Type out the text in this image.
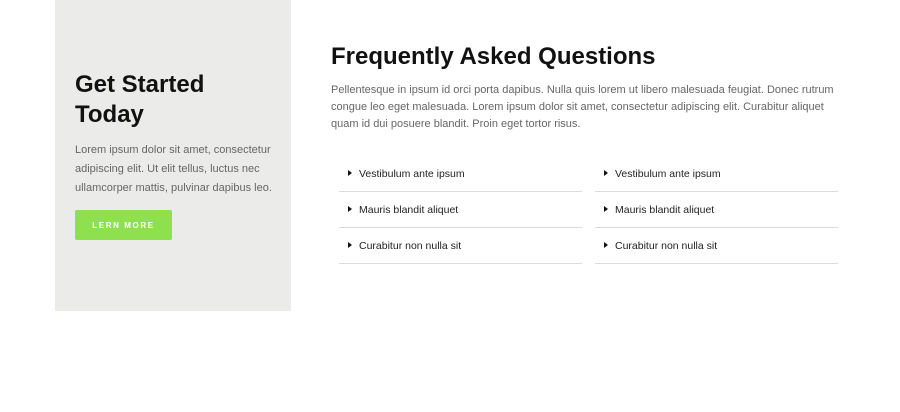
Get Started Today

Lorem ipsum dolor sit amet, consectetur adipiscing elit. Ut elit tellus, luctus nec ullamcorper mattis, pulvinar dapibus leo.

LERN MORE
Frequently Asked Questions

Pellentesque in ipsum id orci porta dapibus. Nulla quis lorem ut libero malesuada feugiat. Donec rutrum congue leo eget malesuada. Lorem ipsum dolor sit amet, consectetur adipiscing elit. Curabitur aliquet quam id dui posuere blandit. Proin eget tortor risus.

Vestibulum ante ipsum
Mauris blandit aliquet
Curabitur non nulla sit
Vestibulum ante ipsum
Mauris blandit aliquet
Curabitur non nulla sit
